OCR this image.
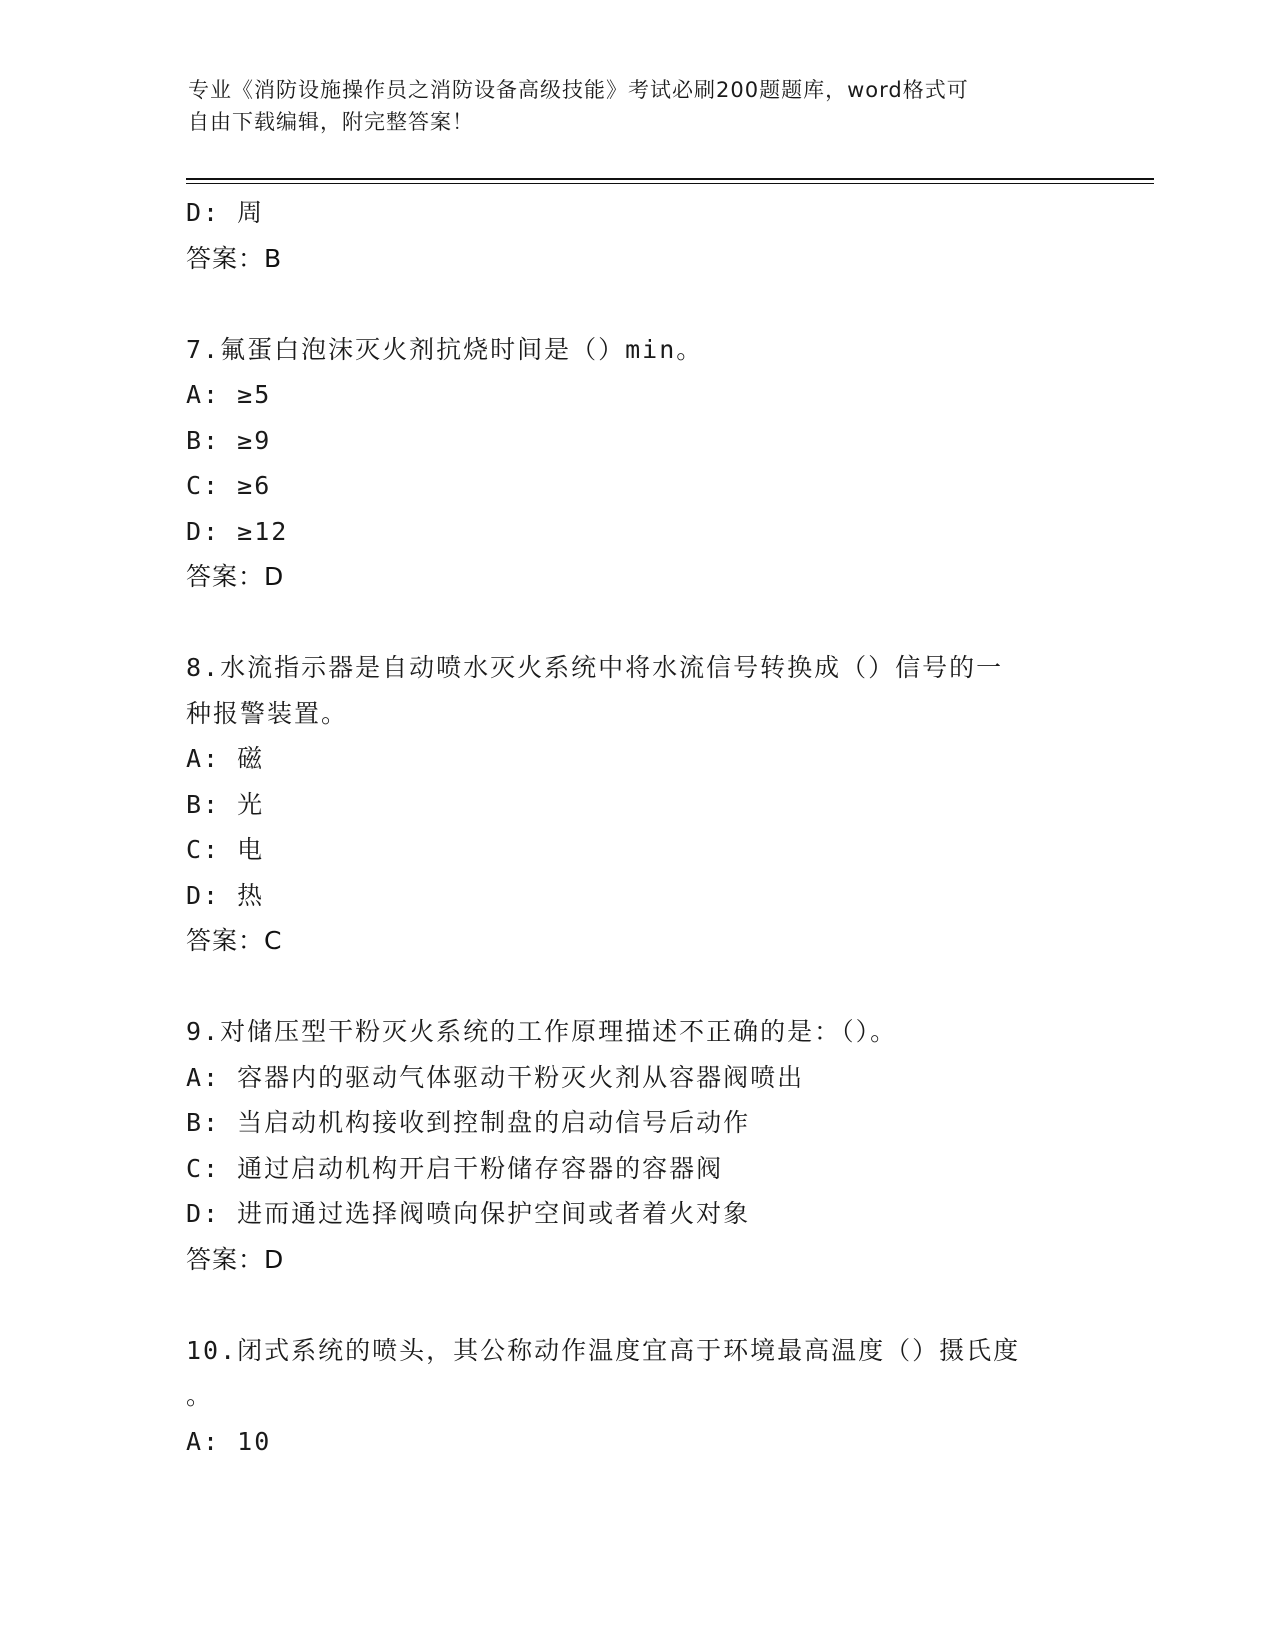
专业《消防设施操作员之消防设备高级技能》考试必刷200题题库，word格式可
自由下载编辑，附完整答案！
D: 周
答案：B
7.氟蛋白泡沫灭火剂抗烧时间是（）min。
A: ≥5
B: ≥9
C: ≥6
D: ≥12
答案：D
8.水流指示器是自动喷水灭火系统中将水流信号转换成（）信号的一
种报警装置。
A: 磁
B: 光
C: 电
D: 热
答案：C
9.对储压型干粉灭火系统的工作原理描述不正确的是：（）。
A: 容器内的驱动气体驱动干粉灭火剂从容器阀喷出
B: 当启动机构接收到控制盘的启动信号后动作
C: 通过启动机构开启干粉储存容器的容器阀
D: 进而通过选择阀喷向保护空间或者着火对象
答案：D
10.闭式系统的喷头，其公称动作温度宜高于环境最高温度（）摄氏度
。
A: 10
